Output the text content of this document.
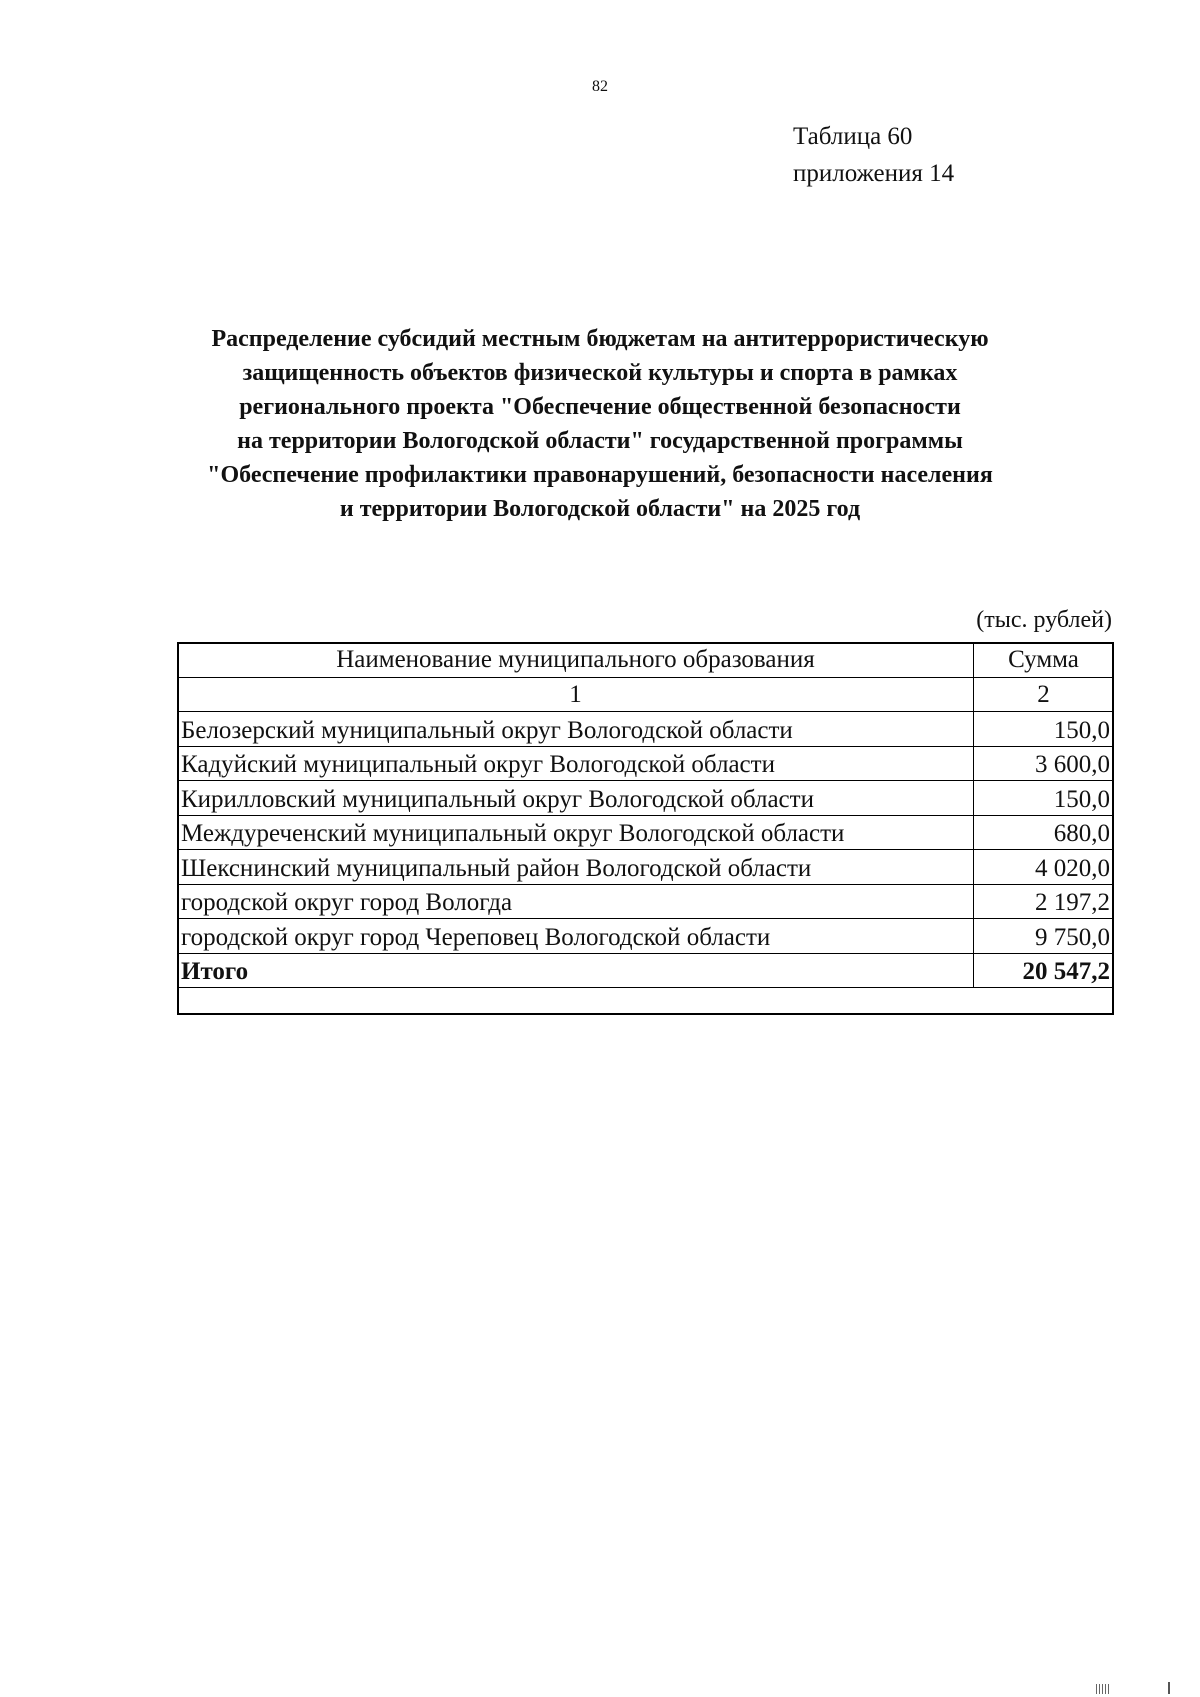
82
Таблица 60
приложения 14
Распределение субсидий местным бюджетам на антитеррористическую
защищенность объектов физической культуры и спорта в рамках
регионального проекта "Обеспечение общественной безопасности
на территории Вологодской области" государственной программы
"Обеспечение профилактики правонарушений, безопасности населения
и территории Вологодской области" на 2025 год
(тыс. рублей)
Наименование муниципального образования	Сумма
1	2
Белозерский муниципальный округ Вологодской области	150,0
Кадуйский муниципальный округ Вологодской области	3 600,0
Кирилловский муниципальный округ Вологодской области	150,0
Междуреченский муниципальный округ Вологодской области	680,0
Шекснинский муниципальный район Вологодской области	4 020,0
городской округ город Вологда	2 197,2
городской округ город Череповец Вологодской области	9 750,0
Итого	20 547,2
